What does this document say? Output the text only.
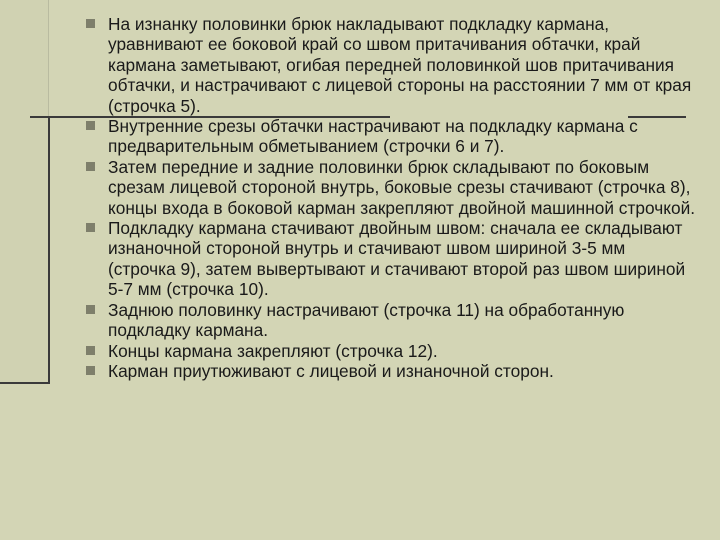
На изнанку половинки брюк накладывают подкладку кармана, уравнивают ее боковой край со швом притачивания обтачки, край кармана заметывают, огибая передней половинкой шов притачивания обтачки, и настрачивают с лицевой стороны на расстоянии 7 мм от края (строчка 5).
Внутренние срезы обтачки настрачивают на подкладку кармана с предварительным обметыванием (строчки 6 и 7).
Затем передние и задние половинки брюк складывают по боковым срезам лицевой стороной внутрь, боковые срезы стачивают (строчка 8), концы входа в боковой карман закрепляют двойной машинной строчкой.
Подкладку кармана стачивают двойным швом: сначала ее складывают изнаночной стороной внутрь и стачивают швом шириной 3-5 мм (строчка 9), затем вывертывают и стачивают второй раз швом шириной 5-7 мм (строчка 10).
Заднюю половинку настрачивают (строчка 11) на обработанную подкладку кармана.
Концы кармана закрепляют (строчка 12).
Карман приутюживают с лицевой и изнаночной сторон.
